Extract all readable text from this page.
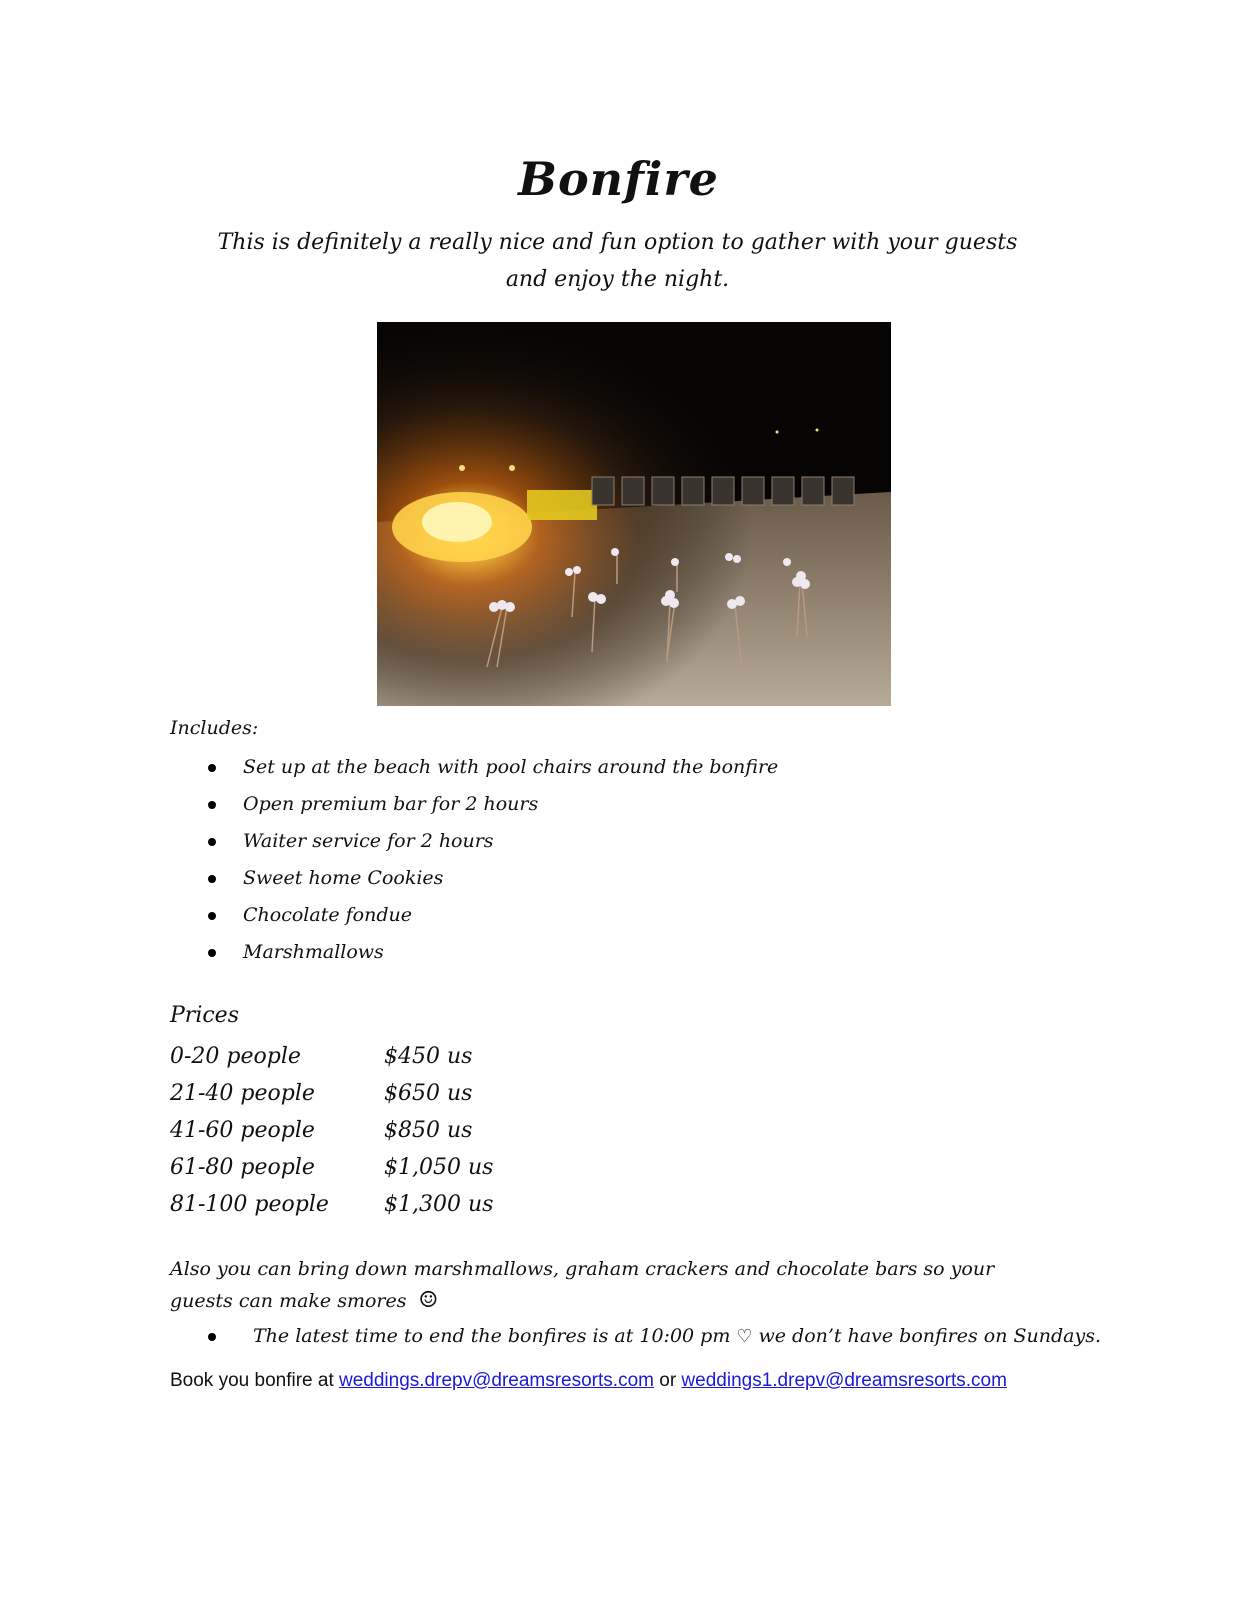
Bonfire
This is definitely a really nice and fun option to gather with your guests and enjoy the night.
Includes:
Set up at the beach with pool chairs around the bonfire
Open premium bar for 2 hours
Waiter service for 2 hours
Sweet home Cookies
Chocolate fondue
Marshmallows
Prices
0-20 people	$450 us
21-40 people	$650 us
41-60 people	$850 us
61-80 people	$1,050 us
81-100 people	$1,300 us
Also you can bring down marshmallows, graham crackers and chocolate bars so your guests can make smores ☺
The latest time to end the bonfires is at 10:00 pm ♡ we don’t have bonfires on Sundays.
Book you bonfire at weddings.drepv@dreamsresorts.com or weddings1.drepv@dreamsresorts.com
